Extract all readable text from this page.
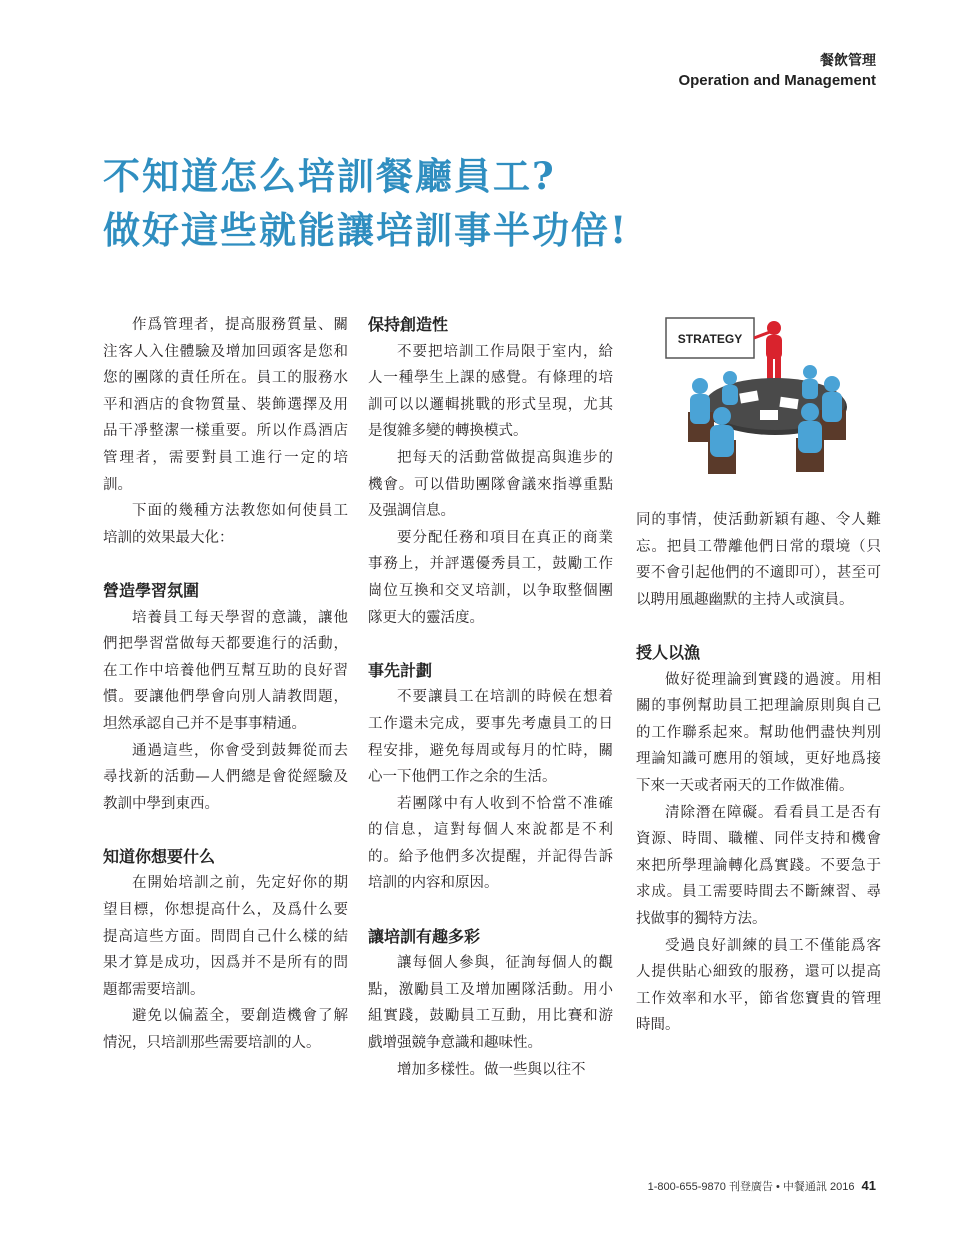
餐飲管理
Operation and Management
不知道怎么培訓餐廳員工?
做好這些就能讓培訓事半功倍!

作爲管理者，提高服務質量、關注客人入住體驗及增加回頭客是您和您的團隊的責任所在。員工的服務水平和酒店的食物質量、裝飾選擇及用品干凈整潔一樣重要。所以作爲酒店管理者，需要對員工進行一定的培訓。

下面的幾種方法教您如何使員工培訓的效果最大化：

營造學習氛圍

培養員工每天學習的意識，讓他們把學習當做每天都要進行的活動，在工作中培養他們互幫互助的良好習慣。要讓他們學會向別人請教問題，坦然承認自己并不是事事精通。

通過這些，你會受到鼓舞從而去尋找新的活動—人們總是會從經驗及教訓中學到東西。

知道你想要什么

在開始培訓之前，先定好你的期望目標，你想提高什么，及爲什么要提高這些方面。問問自己什么樣的結果才算是成功，因爲并不是所有的問題都需要培訓。

避免以偏蓋全，要創造機會了解情況，只培訓那些需要培訓的人。

保持創造性

不要把培訓工作局限于室内，給人一種學生上課的感覺。有條理的培訓可以以邏輯挑戰的形式呈現，尤其是復雜多變的轉換模式。

把每天的活動當做提高與進步的機會。可以借助團隊會議來指導重點及强調信息。

要分配任務和項目在真正的商業事務上，并評選優秀員工，鼓勵工作崗位互換和交叉培訓，以争取整個團隊更大的靈活度。

事先計劃

不要讓員工在培訓的時候在想着工作還未完成，要事先考慮員工的日程安排，避免每周或每月的忙時，關心一下他們工作之余的生活。

若團隊中有人收到不恰當不准確的信息，這對每個人來說都是不利的。給予他們多次提醒，并記得告訴培訓的内容和原因。

讓培訓有趣多彩

讓每個人參與，征詢每個人的觀點，激勵員工及增加團隊活動。用小組實踐，鼓勵員工互動，用比賽和游戲增强競争意識和趣味性。

增加多樣性。做一些與以往不

STRATEGY

同的事情，使活動新穎有趣、令人難忘。把員工帶離他們日常的環境（只要不會引起他們的不適即可），甚至可以聘用風趣幽默的主持人或演員。

授人以漁

做好從理論到實踐的過渡。用相關的事例幫助員工把理論原則與自己的工作聯系起來。幫助他們盡快判別理論知識可應用的領域，更好地爲接下來一天或者兩天的工作做准備。

清除潛在障礙。看看員工是否有資源、時間、職權、同伴支持和機會來把所學理論轉化爲實踐。不要急于求成。員工需要時間去不斷練習、尋找做事的獨特方法。

受過良好訓練的員工不僅能爲客人提供貼心細致的服務，還可以提高工作效率和水平，節省您寶貴的管理時間。

1-800-655-9870 刊登廣告 • 中餐通訊 2016 41
